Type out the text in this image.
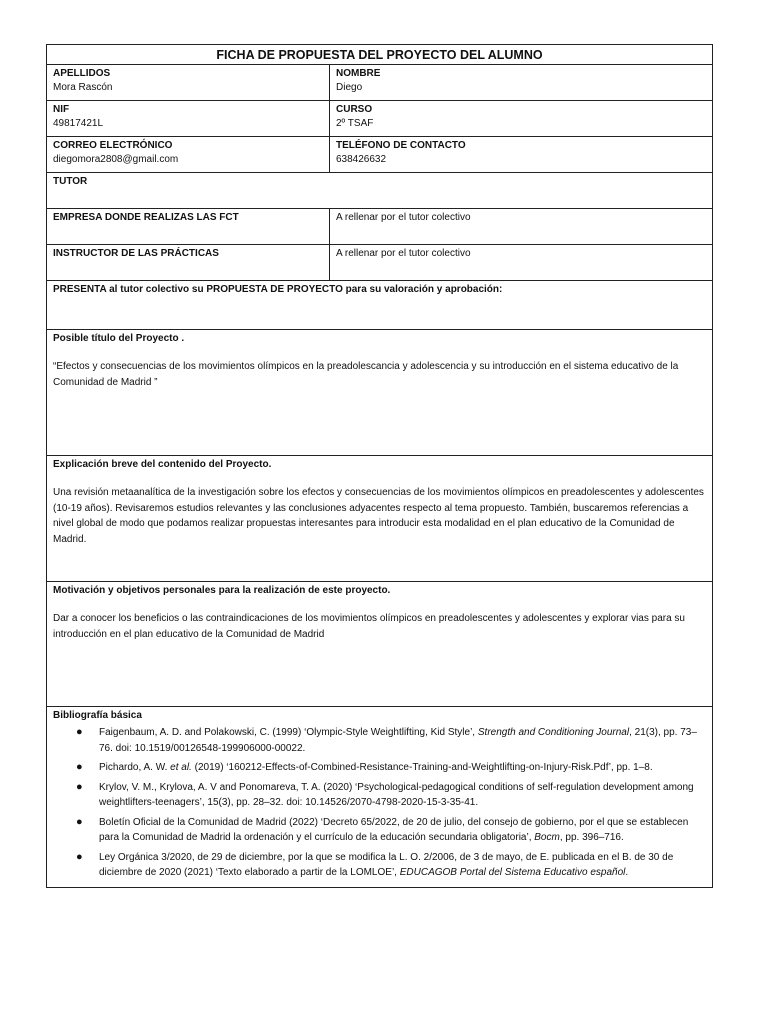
FICHA DE PROPUESTA DEL PROYECTO DEL ALUMNO
APELLIDOS
Mora Rascón
NOMBRE
Diego
NIF
49817421L
CURSO
2º TSAF
CORREO ELECTRÓNICO
diegomora2808@gmail.com
TELÉFONO DE CONTACTO
638426632
TUTOR
EMPRESA DONDE REALIZAS LAS FCT	A rellenar por el tutor colectivo
INSTRUCTOR DE LAS PRÁCTICAS	A rellenar por el tutor colectivo
PRESENTA al tutor colectivo su PROPUESTA DE PROYECTO para su valoración y aprobación:
Posible título del Proyecto .
“Efectos y consecuencias de los movimientos olímpicos en la preadolescancia y adolescencia y su introducción en el sistema educativo de la Comunidad de Madrid ”
Explicación breve del contenido del Proyecto.
Una revisión metaanalítica de la investigación sobre los efectos y consecuencias de los movimientos olímpicos en preadolescentes y adolescentes (10-19 años). Revisaremos estudios relevantes y las conclusiones adyacentes respecto al tema propuesto. También, buscaremos referencias a nivel global de modo que podamos realizar propuestas interesantes para introducir esta modalidad en el plan educativo de la Comunidad de Madrid.
Motivación y objetivos personales para la realización de este proyecto.
Dar a conocer los beneficios o las contraindicaciones de los movimientos olímpicos en preadolescentes y adolescentes y explorar vias para su introducción en el plan educativo de la Comunidad de Madrid
Bibliografía básica
● Faigenbaum, A. D. and Polakowski, C. (1999) ‘Olympic-Style Weightlifting, Kid Style’, Strength and Conditioning Journal, 21(3), pp. 73–76. doi: 10.1519/00126548-199906000-00022.
● Pichardo, A. W. et al. (2019) ‘160212-Effects-of-Combined-Resistance-Training-and-Weightlifting-on-Injury-Risk.Pdf’, pp. 1–8.
● Krylov, V. M., Krylova, A. V and Ponomareva, T. A. (2020) ‘Psychological-pedagogical conditions of self-regulation development among weightlifters-teenagers’, 15(3), pp. 28–32. doi: 10.14526/2070-4798-2020-15-3-35-41.
● Boletín Oficial de la Comunidad de Madrid (2022) ‘Decreto 65/2022, de 20 de julio, del consejo de gobierno, por el que se establecen para la Comunidad de Madrid la ordenación y el currículo de la educación secundaria obligatoria’, Bocm, pp. 396–716.
● Ley Orgánica 3/2020, de 29 de diciembre, por la que se modifica la L. O. 2/2006, de 3 de mayo, de E. publicada en el B. de 30 de diciembre de 2020 (2021) ‘Texto elaborado a partir de la LOMLOE’, EDUCAGOB Portal del Sistema Educativo español.
